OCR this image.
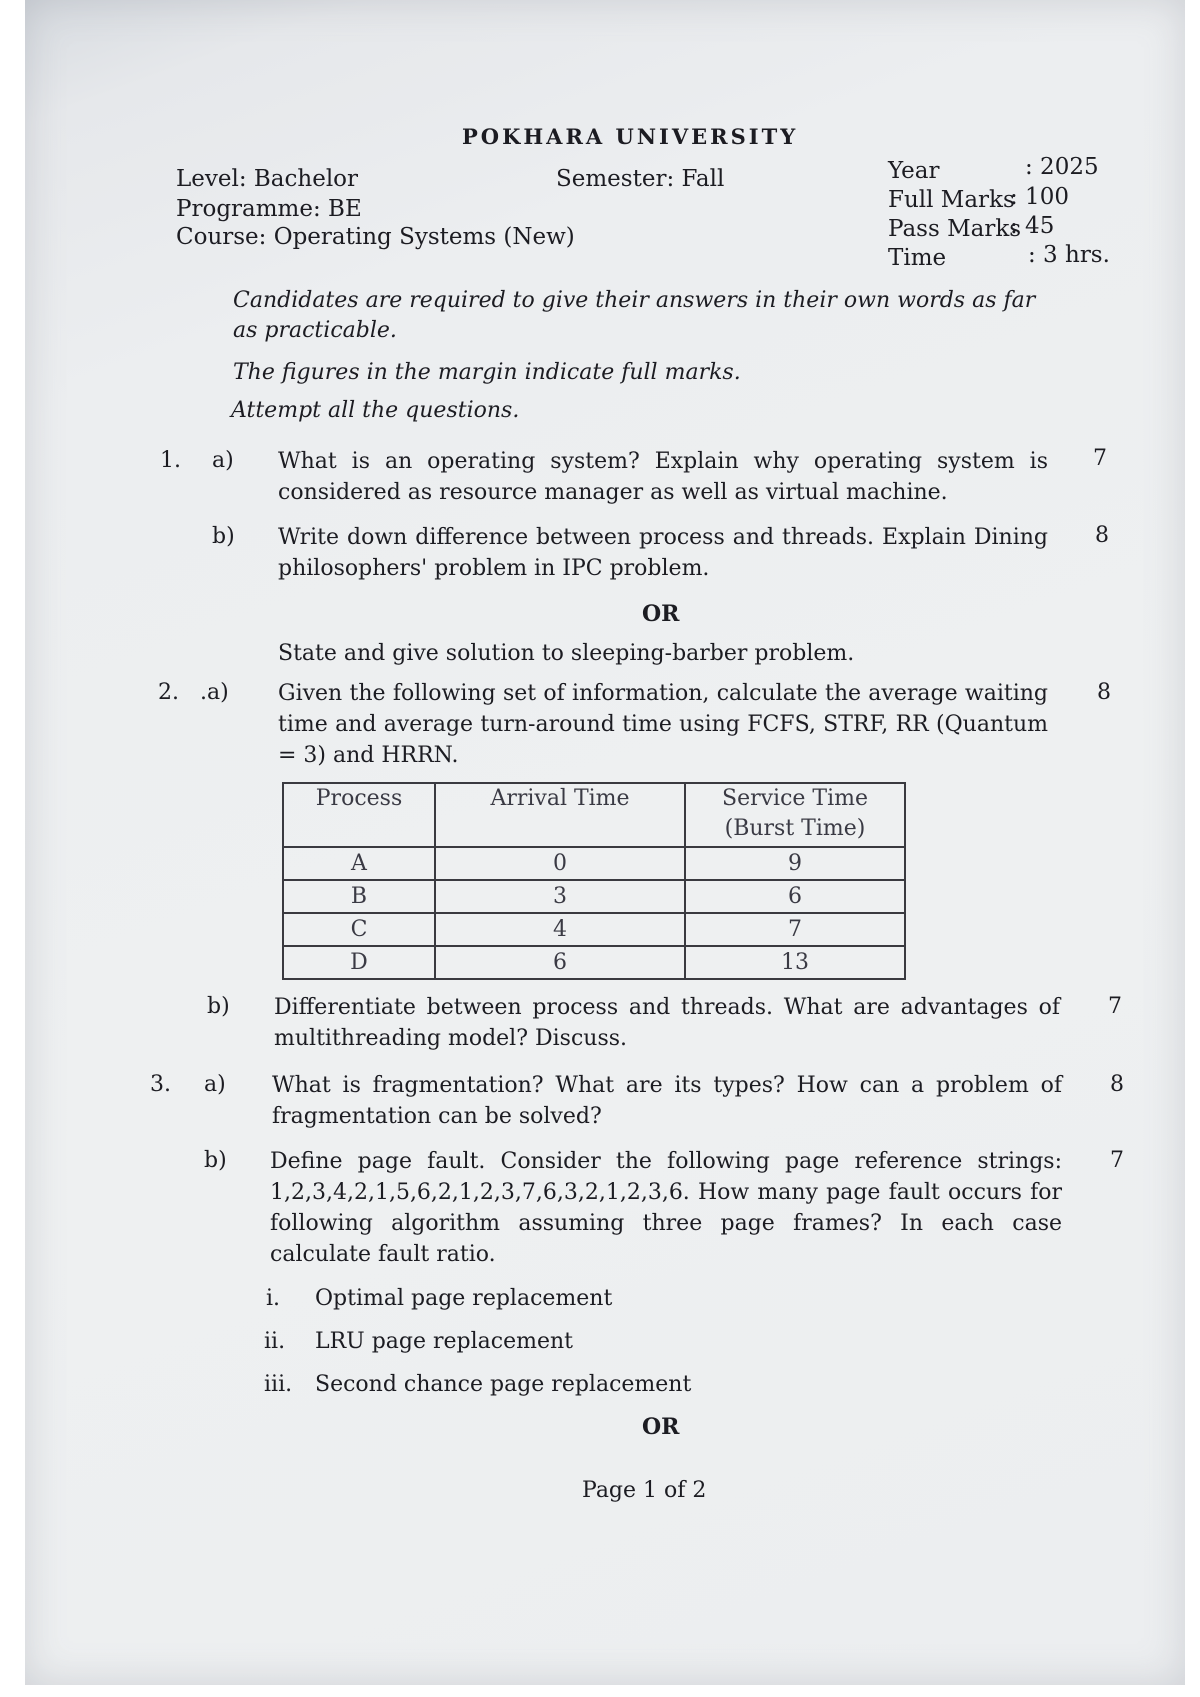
POKHARA UNIVERSITY
Level: Bachelor
Programme: BE
Course: Operating Systems (New)
Semester: Fall	Year	: 2025
Full Marks
: 100
Pass Marks
: 45
Time	: 3 hrs.
Candidates are required to give their answers in their own words as far
as practicable.
The figures in the margin indicate full marks.
Attempt all the questions.
1. a) What is an operating system? Explain why operating system is considered as resource manager as well as virtual machine.
7
b) Write down difference between process and threads. Explain Dining philosophers' problem in IPC problem.
8
OR
State and give solution to sleeping-barber problem.
2. .a) Given the following set of information, calculate the average waiting time and average turn-around time using FCFS, STRF, RR (Quantum = 3) and HRRN.
8
Process	Arrival Time	Service Time (Burst Time)
A	0	9
B	3	6
C	4	7
D	6	13
b) Differentiate between process and threads. What are advantages of multithreading model? Discuss.
7
3. a) What is fragmentation? What are its types? How can a problem of fragmentation can be solved?
8
b) Define page fault. Consider the following page reference strings: 1,2,3,4,2,1,5,6,2,1,2,3,7,6,3,2,1,2,3,6. How many page fault occurs for following algorithm assuming three page frames? In each case calculate fault ratio.
7
i. Optimal page replacement
ii. LRU page replacement
iii. Second chance page replacement
OR
Page 1 of 2
